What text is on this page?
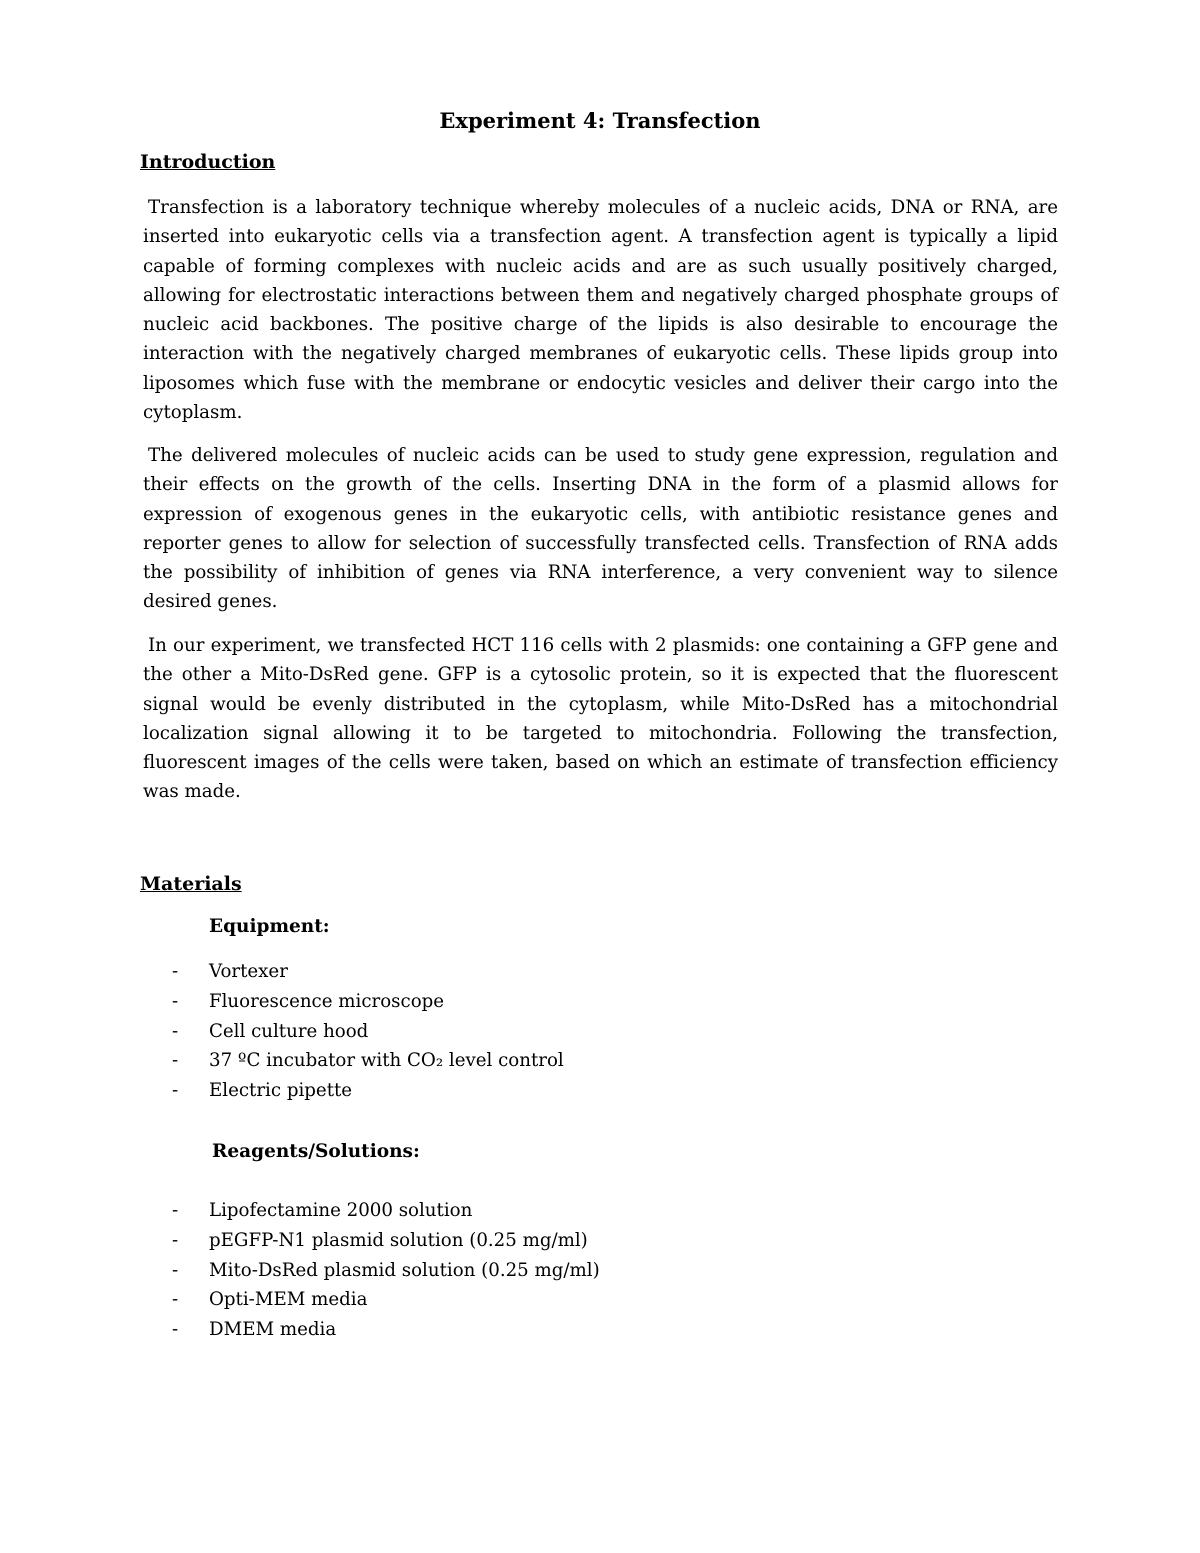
Experiment 4: Transfection
Introduction

Transfection is a laboratory technique whereby molecules of a nucleic acids, DNA or RNA, are inserted into eukaryotic cells via a transfection agent. A transfection agent is typically a lipid capable of forming complexes with nucleic acids and are as such usually positively charged, allowing for electrostatic interactions between them and negatively charged phosphate groups of nucleic acid backbones. The positive charge of the lipids is also desirable to encourage the interaction with the negatively charged membranes of eukaryotic cells. These lipids group into liposomes which fuse with the membrane or endocytic vesicles and deliver their cargo into the cytoplasm.

The delivered molecules of nucleic acids can be used to study gene expression, regulation and their effects on the growth of the cells. Inserting DNA in the form of a plasmid allows for expression of exogenous genes in the eukaryotic cells, with antibiotic resistance genes and reporter genes to allow for selection of successfully transfected cells. Transfection of RNA adds the possibility of inhibition of genes via RNA interference, a very convenient way to silence desired genes.

In our experiment, we transfected HCT 116 cells with 2 plasmids: one containing a GFP gene and the other a Mito-DsRed gene. GFP is a cytosolic protein, so it is expected that the fluorescent signal would be evenly distributed in the cytoplasm, while Mito-DsRed has a mitochondrial localization signal allowing it to be targeted to mitochondria. Following the transfection, fluorescent images of the cells were taken, based on which an estimate of transfection efficiency was made.

Materials
Equipment:
- Vortexer
- Fluorescence microscope
- Cell culture hood
- 37 ºC incubator with CO₂ level control
- Electric pipette
Reagents/Solutions:
- Lipofectamine 2000 solution
- pEGFP-N1 plasmid solution (0.25 mg/ml)
- Mito-DsRed plasmid solution (0.25 mg/ml)
- Opti-MEM media
- DMEM media
